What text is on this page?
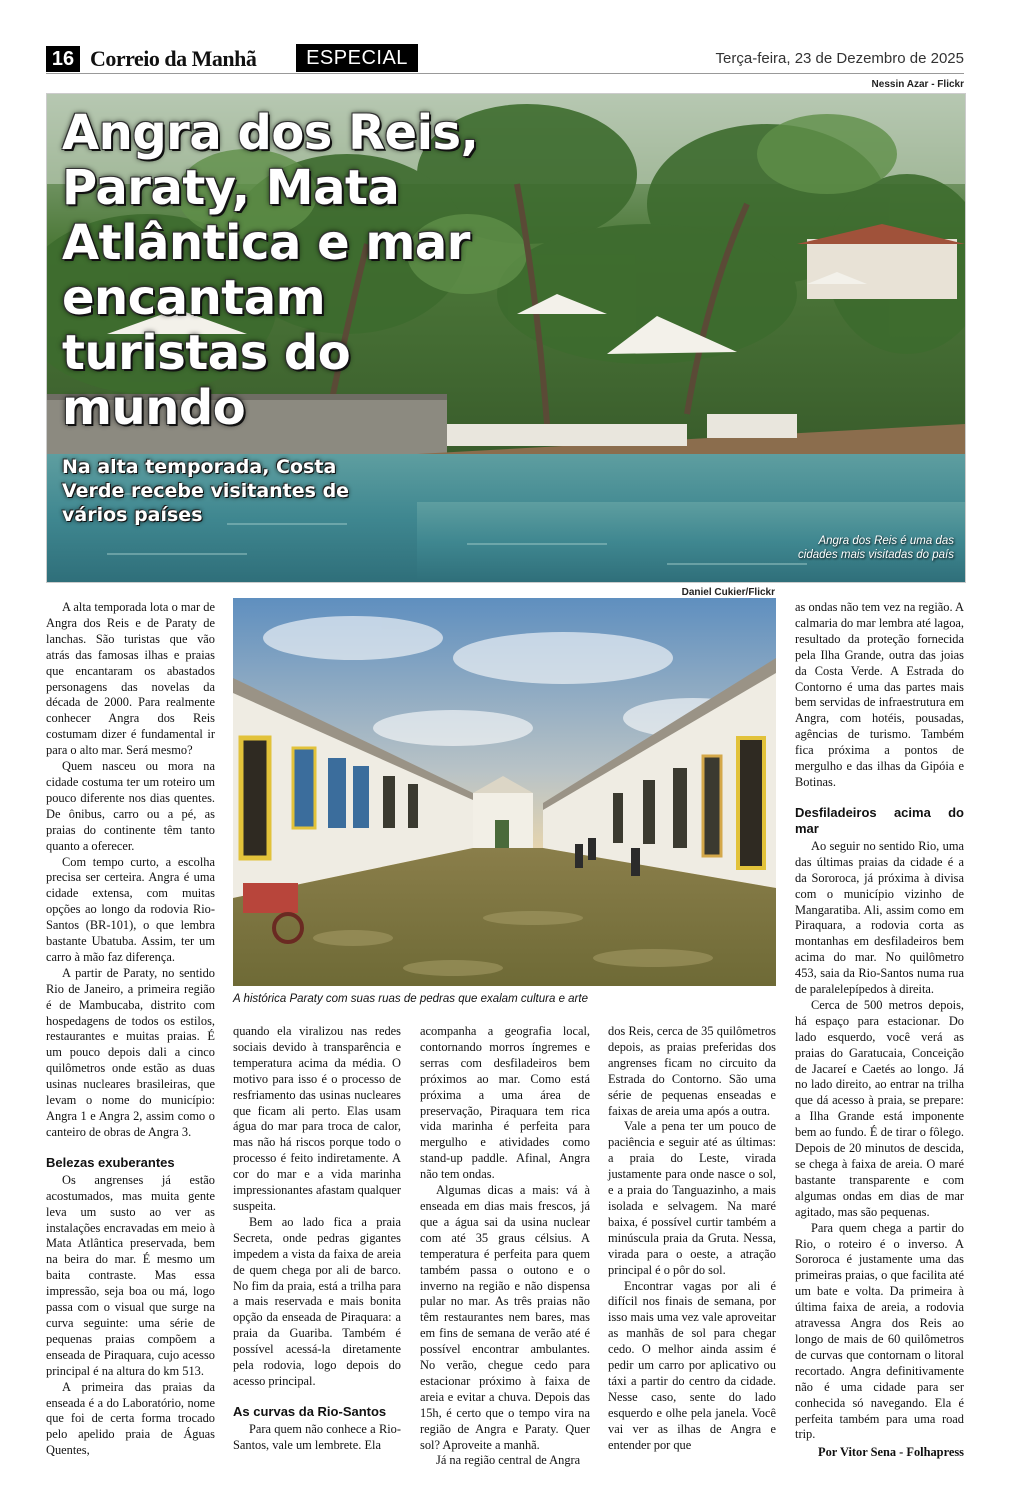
16 Correio da Manhã	ESPECIAL	Terça-feira, 23 de Dezembro de 2025
Nessin Azar - Flickr
Angra dos Reis, Paraty, Mata Atlântica e mar encantam turistas do mundo
Na alta temporada, Costa Verde recebe visitantes de vários países
Angra dos Reis é uma das cidades mais visitadas do país
Daniel Cukier/Flickr
A histórica Paraty com suas ruas de pedras que exalam cultura e arte

A alta temporada lota o mar de Angra dos Reis e de Paraty de lanchas. São turistas que vão atrás das famosas ilhas e praias que encantaram os abastados personagens das novelas da década de 2000. Para realmente conhecer Angra dos Reis costumam dizer é fundamental ir para o alto mar. Será mesmo?

Quem nasceu ou mora na cidade costuma ter um roteiro um pouco diferente nos dias quentes. De ônibus, carro ou a pé, as praias do continente têm tanto quanto a oferecer.

Com tempo curto, a escolha precisa ser certeira. Angra é uma cidade extensa, com muitas opções ao longo da rodovia Rio-Santos (BR-101), o que lembra bastante Ubatuba. Assim, ter um carro à mão faz diferença.

A partir de Paraty, no sentido Rio de Janeiro, a primeira região é de Mambucaba, distrito com hospedagens de todos os estilos, restaurantes e muitas praias. É um pouco depois dali a cinco quilômetros onde estão as duas usinas nucleares brasileiras, que levam o nome do município: Angra 1 e Angra 2, assim como o canteiro de obras de Angra 3.

Belezas exuberantes

Os angrenses já estão acostumados, mas muita gente leva um susto ao ver as instalações encravadas em meio à Mata Atlântica preservada, bem na beira do mar. É mesmo um baita contraste. Mas essa impressão, seja boa ou má, logo passa com o visual que surge na curva seguinte: uma série de pequenas praias compõem a enseada de Piraquara, cujo acesso principal é na altura do km 513.

A primeira das praias da enseada é a do Laboratório, nome que foi de certa forma trocado pelo apelido praia de Águas Quentes,

quando ela viralizou nas redes sociais devido à transparência e temperatura acima da média. O motivo para isso é o processo de resfriamento das usinas nucleares que ficam ali perto. Elas usam água do mar para troca de calor, mas não há riscos porque todo o processo é feito indiretamente. A cor do mar e a vida marinha impressionantes afastam qualquer suspeita.

Bem ao lado fica a praia Secreta, onde pedras gigantes impedem a vista da faixa de areia de quem chega por ali de barco. No fim da praia, está a trilha para a mais reservada e mais bonita opção da enseada de Piraquara: a praia da Guariba. Também é possível acessá-la diretamente pela rodovia, logo depois do acesso principal.

As curvas da Rio-Santos

Para quem não conhece a Rio-Santos, vale um lembrete. Ela

acompanha a geografia local, contornando morros íngremes e serras com desfiladeiros bem próximos ao mar. Como está próxima a uma área de preservação, Piraquara tem rica vida marinha é perfeita para mergulho e atividades como stand-up paddle. Afinal, Angra não tem ondas.

Algumas dicas a mais: vá à enseada em dias mais frescos, já que a água sai da usina nuclear com até 35 graus célsius. A temperatura é perfeita para quem também passa o outono e o inverno na região e não dispensa pular no mar. As três praias não têm restaurantes nem bares, mas em fins de semana de verão até é possível encontrar ambulantes. No verão, chegue cedo para estacionar próximo à faixa de areia e evitar a chuva. Depois das 15h, é certo que o tempo vira na região de Angra e Paraty. Quer sol? Aproveite a manhã.

Já na região central de Angra

dos Reis, cerca de 35 quilômetros depois, as praias preferidas dos angrenses ficam no circuito da Estrada do Contorno. São uma série de pequenas enseadas e faixas de areia uma após a outra.

Vale a pena ter um pouco de paciência e seguir até as últimas: a praia do Leste, virada justamente para onde nasce o sol, e a praia do Tanguazinho, a mais isolada e selvagem. Na maré baixa, é possível curtir também a minúscula praia da Gruta. Nessa, virada para o oeste, a atração principal é o pôr do sol.

Encontrar vagas por ali é difícil nos finais de semana, por isso mais uma vez vale aproveitar as manhãs de sol para chegar cedo. O melhor ainda assim é pedir um carro por aplicativo ou táxi a partir do centro da cidade. Nesse caso, sente do lado esquerdo e olhe pela janela. Você vai ver as ilhas de Angra e entender por que

as ondas não tem vez na região. A calmaria do mar lembra até lagoa, resultado da proteção fornecida pela Ilha Grande, outra das joias da Costa Verde. A Estrada do Contorno é uma das partes mais bem servidas de infraestrutura em Angra, com hotéis, pousadas, agências de turismo. Também fica próxima a pontos de mergulho e das ilhas da Gipóia e Botinas.

Desfiladeiros acima do mar

Ao seguir no sentido Rio, uma das últimas praias da cidade é a da Sororoca, já próxima à divisa com o município vizinho de Mangaratiba. Ali, assim como em Piraquara, a rodovia corta as montanhas em desfiladeiros bem acima do mar. No quilômetro 453, saia da Rio-Santos numa rua de paralelepípedos à direita.

Cerca de 500 metros depois, há espaço para estacionar. Do lado esquerdo, você verá as praias do Garatucaia, Conceição de Jacareí e Caetés ao longo. Já no lado direito, ao entrar na trilha que dá acesso à praia, se prepare: a Ilha Grande está imponente bem ao fundo. É de tirar o fôlego. Depois de 20 minutos de descida, se chega à faixa de areia. O maré bastante transparente e com algumas ondas em dias de mar agitado, mas são pequenas.

Para quem chega a partir do Rio, o roteiro é o inverso. A Sororoca é justamente uma das primeiras praias, o que facilita até um bate e volta. Da primeira à última faixa de areia, a rodovia atravessa Angra dos Reis ao longo de mais de 60 quilômetros de curvas que contornam o litoral recortado. Angra definitivamente não é uma cidade para ser conhecida só navegando. Ela é perfeita também para uma road trip.

Por Vitor Sena - Folhapress
